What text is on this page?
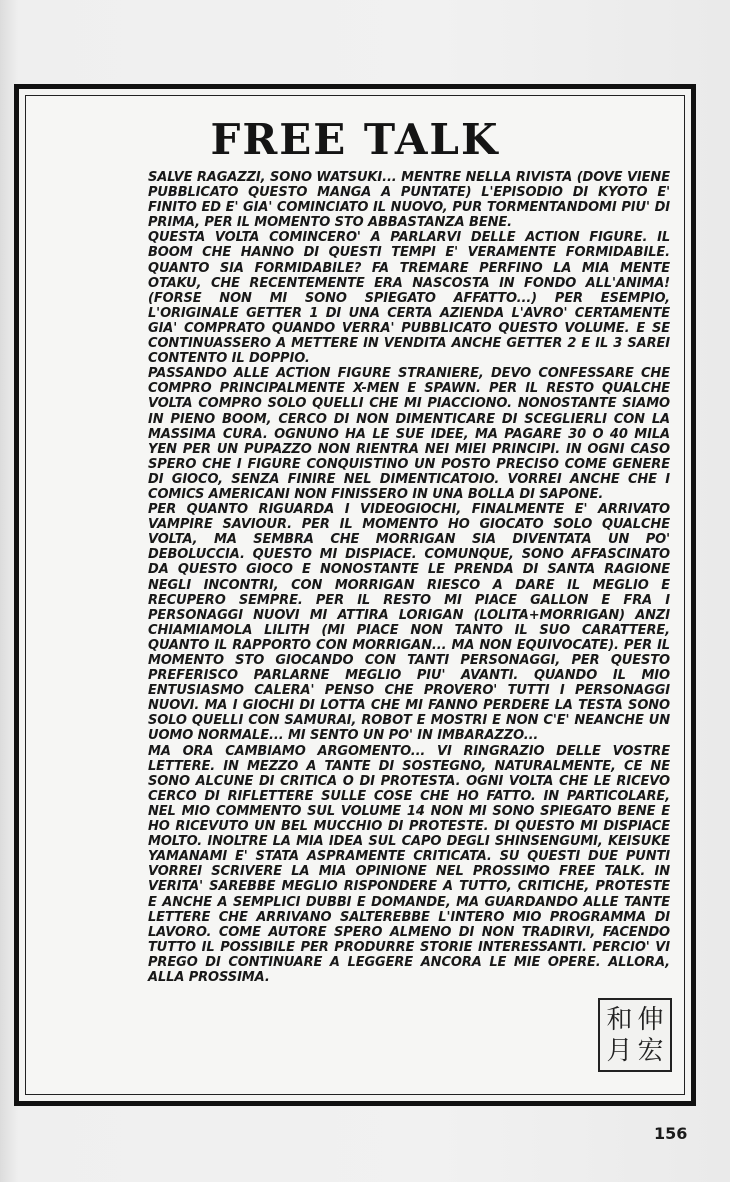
FREE TALK

SALVE RAGAZZI, SONO WATSUKI... MENTRE NELLA RIVISTA (DOVE VIENE PUBBLICATO QUESTO MANGA A PUNTATE) L'EPISODIO DI KYOTO E' FINITO ED E' GIA' COMINCIATO IL NUOVO, PUR TORMENTANDOMI PIU' DI PRIMA, PER IL MOMENTO STO ABBASTANZA BENE.

QUESTA VOLTA COMINCERO' A PARLARVI DELLE ACTION FIGURE. IL BOOM CHE HANNO DI QUESTI TEMPI E' VERAMENTE FORMIDABILE. QUANTO SIA FORMIDABILE? FA TREMARE PERFINO LA MIA MENTE OTAKU, CHE RECENTEMENTE ERA NASCOSTA IN FONDO ALL'ANIMA! (FORSE NON MI SONO SPIEGATO AFFATTO...) PER ESEMPIO, L'ORIGINALE GETTER 1 DI UNA CERTA AZIENDA L'AVRO' CERTAMENTE GIA' COMPRATO QUANDO VERRA' PUBBLICATO QUESTO VOLUME. E SE CONTINUASSERO A METTERE IN VENDITA ANCHE GETTER 2 E IL 3 SAREI CONTENTO IL DOPPIO.

PASSANDO ALLE ACTION FIGURE STRANIERE, DEVO CONFESSARE CHE COMPRO PRINCIPALMENTE X-MEN E SPAWN. PER IL RESTO QUALCHE VOLTA COMPRO SOLO QUELLI CHE MI PIACCIONO. NONOSTANTE SIAMO IN PIENO BOOM, CERCO DI NON DIMENTICARE DI SCEGLIERLI CON LA MASSIMA CURA. OGNUNO HA LE SUE IDEE, MA PAGARE 30 O 40 MILA YEN PER UN PUPAZZO NON RIENTRA NEI MIEI PRINCIPI. IN OGNI CASO SPERO CHE I FIGURE CONQUISTINO UN POSTO PRECISO COME GENERE DI GIOCO, SENZA FINIRE NEL DIMENTICATOIO. VORREI ANCHE CHE I COMICS AMERICANI NON FINISSERO IN UNA BOLLA DI SAPONE.

PER QUANTO RIGUARDA I VIDEOGIOCHI, FINALMENTE E' ARRIVATO VAMPIRE SAVIOUR. PER IL MOMENTO HO GIOCATO SOLO QUALCHE VOLTA, MA SEMBRA CHE MORRIGAN SIA DIVENTATA UN PO' DEBOLUCCIA. QUESTO MI DISPIACE. COMUNQUE, SONO AFFASCINATO DA QUESTO GIOCO E NONOSTANTE LE PRENDA DI SANTA RAGIONE NEGLI INCONTRI, CON MORRIGAN RIESCO A DARE IL MEGLIO E RECUPERO SEMPRE. PER IL RESTO MI PIACE GALLON E FRA I PERSONAGGI NUOVI MI ATTIRA LORIGAN (LOLITA+MORRIGAN) ANZI CHIAMIAMOLA LILITH (MI PIACE NON TANTO IL SUO CARATTERE, QUANTO IL RAPPORTO CON MORRIGAN... MA NON EQUIVOCATE). PER IL MOMENTO STO GIOCANDO CON TANTI PERSONAGGI, PER QUESTO PREFERISCO PARLARNE MEGLIO PIU' AVANTI. QUANDO IL MIO ENTUSIASMO CALERA' PENSO CHE PROVERO' TUTTI I PERSONAGGI NUOVI. MA I GIOCHI DI LOTTA CHE MI FANNO PERDERE LA TESTA SONO SOLO QUELLI CON SAMURAI, ROBOT E MOSTRI E NON C'E' NEANCHE UN UOMO NORMALE... MI SENTO UN PO' IN IMBARAZZO...

MA ORA CAMBIAMO ARGOMENTO... VI RINGRAZIO DELLE VOSTRE LETTERE. IN MEZZO A TANTE DI SOSTEGNO, NATURALMENTE, CE NE SONO ALCUNE DI CRITICA O DI PROTESTA. OGNI VOLTA CHE LE RICEVO CERCO DI RIFLETTERE SULLE COSE CHE HO FATTO. IN PARTICOLARE, NEL MIO COMMENTO SUL VOLUME 14 NON MI SONO SPIEGATO BENE E HO RICEVUTO UN BEL MUCCHIO DI PROTESTE. DI QUESTO MI DISPIACE MOLTO. INOLTRE LA MIA IDEA SUL CAPO DEGLI SHINSENGUMI, KEISUKE YAMANAMI E' STATA ASPRAMENTE CRITICATA. SU QUESTI DUE PUNTI VORREI SCRIVERE LA MIA OPINIONE NEL PROSSIMO FREE TALK. IN VERITA' SAREBBE MEGLIO RISPONDERE A TUTTO, CRITICHE, PROTESTE E ANCHE A SEMPLICI DUBBI E DOMANDE, MA GUARDANDO ALLE TANTE LETTERE CHE ARRIVANO SALTEREBBE L'INTERO MIO PROGRAMMA DI LAVORO. COME AUTORE SPERO ALMENO DI NON TRADIRVI, FACENDO TUTTO IL POSSIBILE PER PRODURRE STORIE INTERESSANTI. PERCIO' VI PREGO DI CONTINUARE A LEGGERE ANCORA LE MIE OPERE. ALLORA, ALLA PROSSIMA.

和 伸
月 宏

156
